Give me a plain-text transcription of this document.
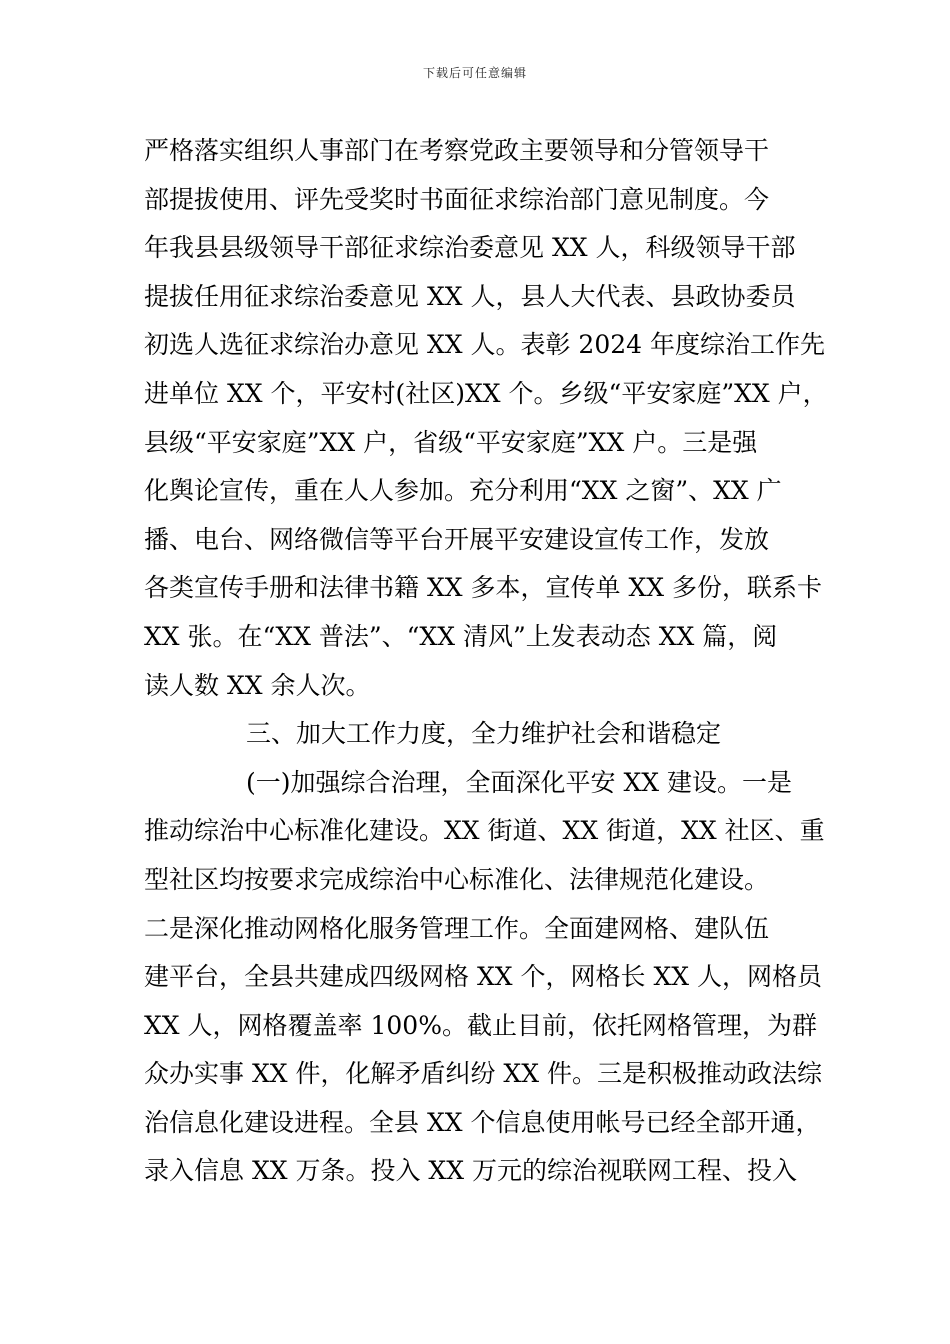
下载后可任意编辑
严格落实组织人事部门在考察党政主要领导和分管领导干
部提拔使用、评先受奖时书面征求综治部门意见制度。今
年我县县级领导干部征求综治委意见 XX 人，科级领导干部
提拔任用征求综治委意见 XX 人，县人大代表、县政协委员
初选人选征求综治办意见 XX 人。表彰 2024 年度综治工作先
进单位 XX 个，平安村(社区)XX 个。乡级“平安家庭”XX 户，
县级“平安家庭”XX 户，省级“平安家庭”XX 户。三是强
化舆论宣传，重在人人参加。充分利用“XX 之窗”、XX 广
播、电台、网络微信等平台开展平安建设宣传工作，发放
各类宣传手册和法律书籍 XX 多本，宣传单 XX 多份，联系卡
XX 张。在“XX 普法”、“XX 清风”上发表动态 XX 篇，阅
读人数 XX 余人次。
三、加大工作力度，全力维护社会和谐稳定
(一)加强综合治理，全面深化平安 XX 建设。一是
推动综治中心标准化建设。XX 街道、XX 街道，XX 社区、重
型社区均按要求完成综治中心标准化、法律规范化建设。
二是深化推动网格化服务管理工作。全面建网格、建队伍
建平台，全县共建成四级网格 XX 个，网格长 XX 人，网格员
XX 人，网格覆盖率 100%。截止目前，依托网格管理，为群
众办实事 XX 件，化解矛盾纠纷 XX 件。三是积极推动政法综
治信息化建设进程。全县 XX 个信息使用帐号已经全部开通，
录入信息 XX 万条。投入 XX 万元的综治视联网工程、投入
